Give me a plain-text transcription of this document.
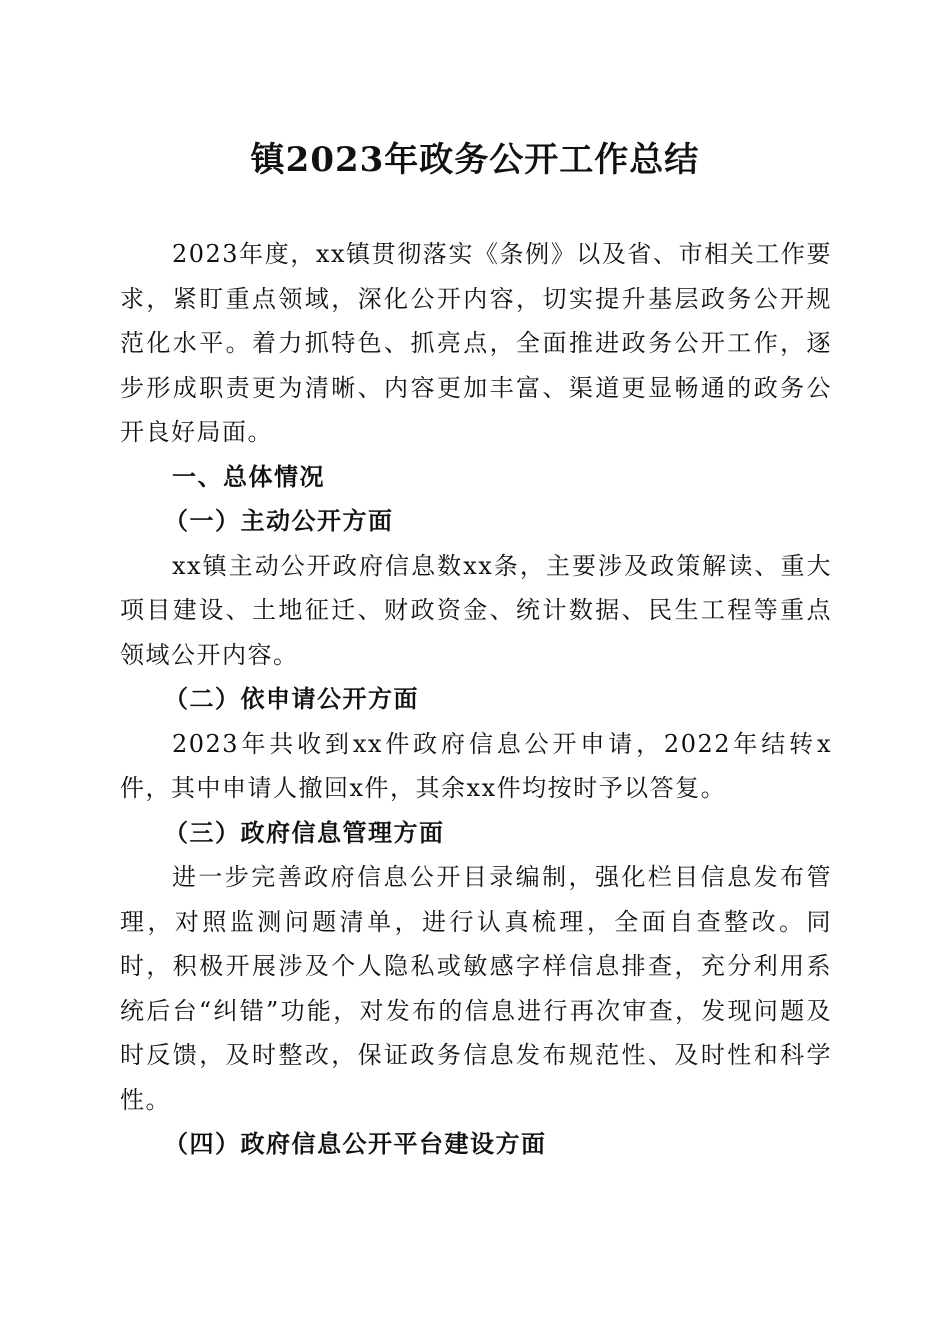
镇2023年政务公开工作总结

2023年度，xx镇贯彻落实《条例》以及省、市相关工作要求，紧盯重点领域，深化公开内容，切实提升基层政务公开规范化水平。着力抓特色、抓亮点，全面推进政务公开工作，逐步形成职责更为清晰、内容更加丰富、渠道更显畅通的政务公开良好局面。

一、总体情况

（一）主动公开方面

xx镇主动公开政府信息数xx条，主要涉及政策解读、重大项目建设、土地征迁、财政资金、统计数据、民生工程等重点领域公开内容。

（二）依申请公开方面

2023年共收到xx件政府信息公开申请，2022年结转x件，其中申请人撤回x件，其余xx件均按时予以答复。

（三）政府信息管理方面

进一步完善政府信息公开目录编制，强化栏目信息发布管理，对照监测问题清单，进行认真梳理，全面自查整改。同时，积极开展涉及个人隐私或敏感字样信息排查，充分利用系统后台“纠错”功能，对发布的信息进行再次审查，发现问题及时反馈，及时整改，保证政务信息发布规范性、及时性和科学性。

（四）政府信息公开平台建设方面
